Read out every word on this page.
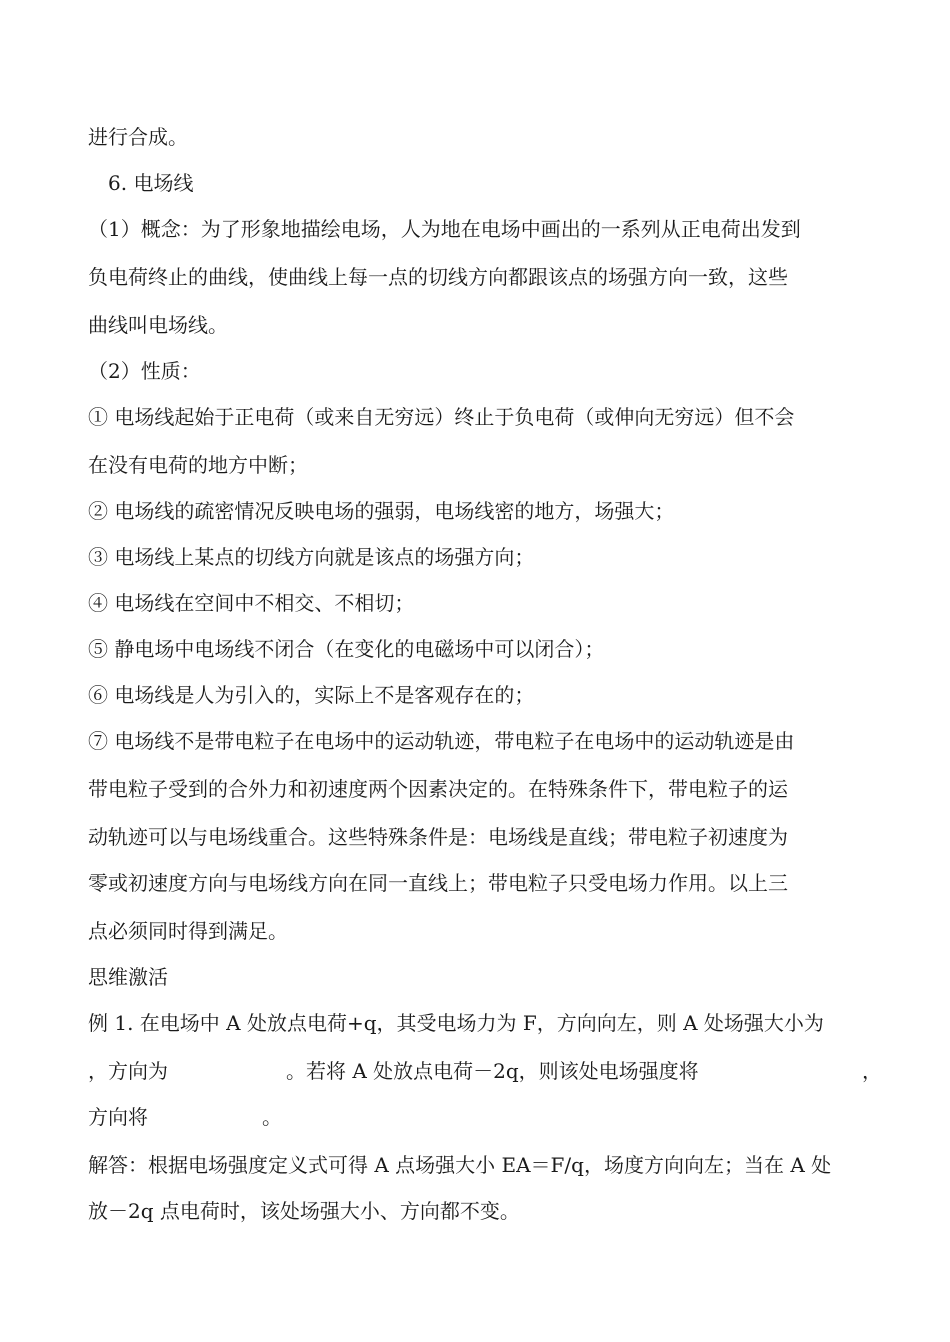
进行合成。
6. 电场线
（1）概念：为了形象地描绘电场，人为地在电场中画出的一系列从正电荷出发到
负电荷终止的曲线，使曲线上每一点的切线方向都跟该点的场强方向一致，这些
曲线叫电场线。
（2）性质：
① 电场线起始于正电荷（或来自无穷远）终止于负电荷（或伸向无穷远）但不会
在没有电荷的地方中断；
② 电场线的疏密情况反映电场的强弱，电场线密的地方，场强大；
③ 电场线上某点的切线方向就是该点的场强方向；
④ 电场线在空间中不相交、不相切；
⑤ 静电场中电场线不闭合（在变化的电磁场中可以闭合）；
⑥ 电场线是人为引入的，实际上不是客观存在的；
⑦ 电场线不是带电粒子在电场中的运动轨迹，带电粒子在电场中的运动轨迹是由
带电粒子受到的合外力和初速度两个因素决定的。在特殊条件下，带电粒子的运
动轨迹可以与电场线重合。这些特殊条件是：电场线是直线；带电粒子初速度为
零或初速度方向与电场线方向在同一直线上；带电粒子只受电场力作用。以上三
点必须同时得到满足。
思维激活
例 1. 在电场中 A 处放点电荷+q，其受电场力为 F，方向向左，则 A 处场强大小为
，方向为	。若将 A 处放点电荷－2q，则该处电场强度将	，
方向将	。
解答：根据电场强度定义式可得 A 点场强大小 EA＝F/q，场度方向向左；当在 A 处
放－2q 点电荷时，该处场强大小、方向都不变。
